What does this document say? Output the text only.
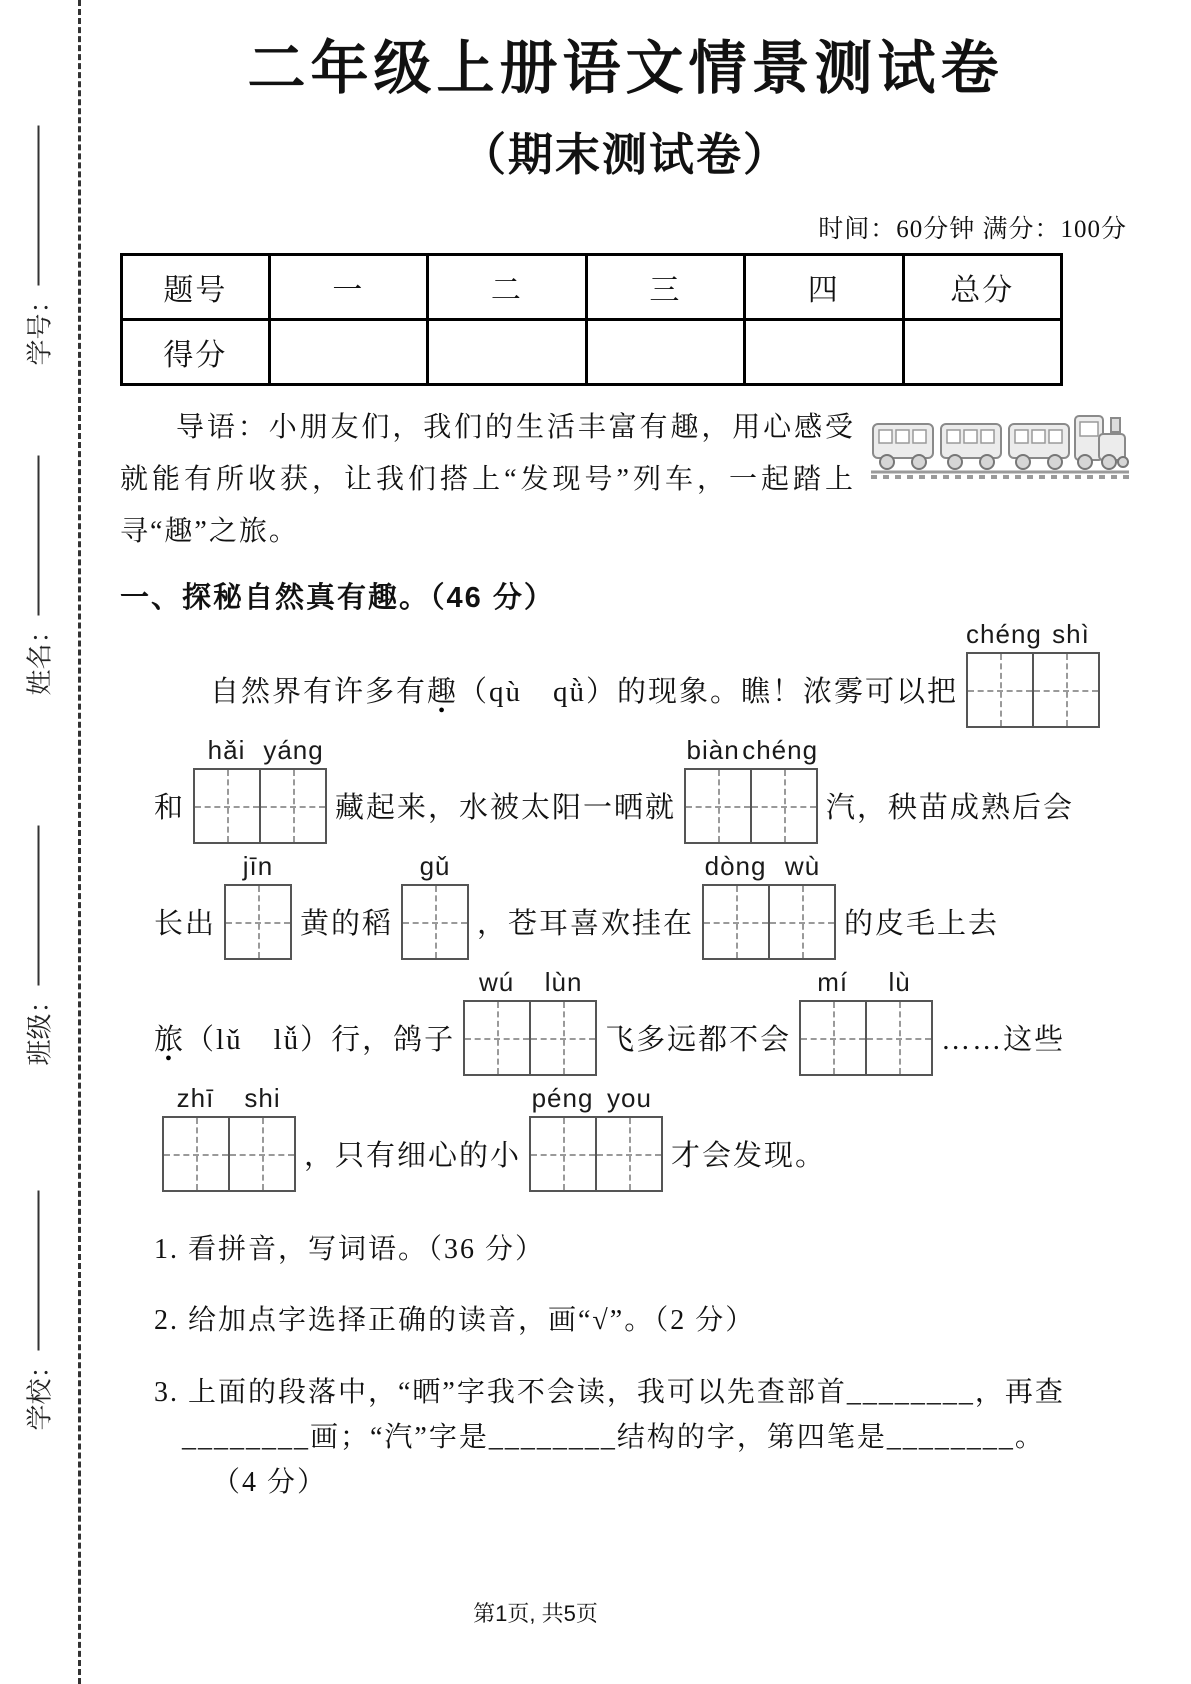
学号：
姓名：
班级：
学校：
二年级上册语文情景测试卷
（期末测试卷）
时间：60分钟 满分：100分
题号	一	二	三	四	总分
得分					

导语：小朋友们，我们的生活丰富有趣，用心感受就能有所收获，让我们搭上“发现号”列车，一起踏上寻“趣”之旅。

一、探秘自然真有趣。（46 分）
自然界有许多有 趣 ● （qù　qǜ）的现象。瞧！浓雾可以把
chéng shì
和
hǎi yáng
藏起来，水被太阳一晒就
biàn chéng
汽，秧苗成熟后会
长出
jīn
黄的稻
gǔ
，苍耳喜欢挂在
dòng wù
的皮毛上去
旅 ● （lǔ　lǚ）行，鸽子
wú	lùn
飞多远都不会
mí	lù
……这些
zhī	shi
，只有细心的小
péng you
才会发现。
1. 看拼音，写词语。（36 分）
2. 给加点字选择正确的读音，画“√”。（2 分）
3. 上面的段落中，“晒”字我不会读，我可以先查部首________，再查
________画；“汽”字是________结构的字，第四笔是________。
（4 分）
第1页, 共5页
